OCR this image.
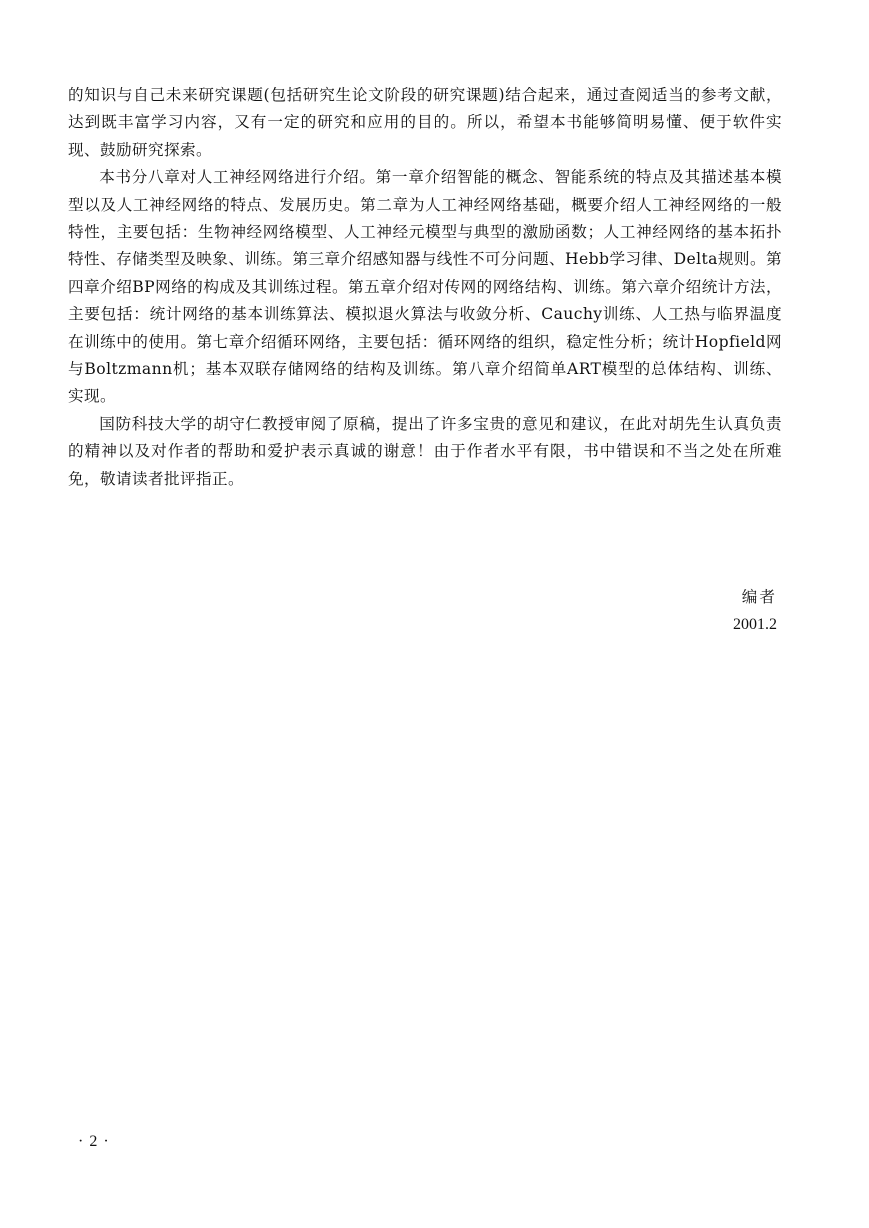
的知识与自己未来研究课题(包括研究生论文阶段的研究课题)结合起来，通过查阅适当的参考文献，达到既丰富学习内容，又有一定的研究和应用的目的。所以，希望本书能够简明易懂、便于软件实现、鼓励研究探索。

本书分八章对人工神经网络进行介绍。第一章介绍智能的概念、智能系统的特点及其描述基本模型以及人工神经网络的特点、发展历史。第二章为人工神经网络基础，概要介绍人工神经网络的一般特性，主要包括：生物神经网络模型、人工神经元模型与典型的激励函数；人工神经网络的基本拓扑特性、存储类型及映象、训练。第三章介绍感知器与线性不可分问题、Hebb学习律、Delta规则。第四章介绍BP网络的构成及其训练过程。第五章介绍对传网的网络结构、训练。第六章介绍统计方法，主要包括：统计网络的基本训练算法、模拟退火算法与收敛分析、Cauchy训练、人工热与临界温度在训练中的使用。第七章介绍循环网络，主要包括：循环网络的组织，稳定性分析；统计Hopfield网与Boltzmann机；基本双联存储网络的结构及训练。第八章介绍简单ART模型的总体结构、训练、实现。

国防科技大学的胡守仁教授审阅了原稿，提出了许多宝贵的意见和建议，在此对胡先生认真负责的精神以及对作者的帮助和爱护表示真诚的谢意！由于作者水平有限，书中错误和不当之处在所难免，敬请读者批评指正。

编者

2001.2

· 2 ·
